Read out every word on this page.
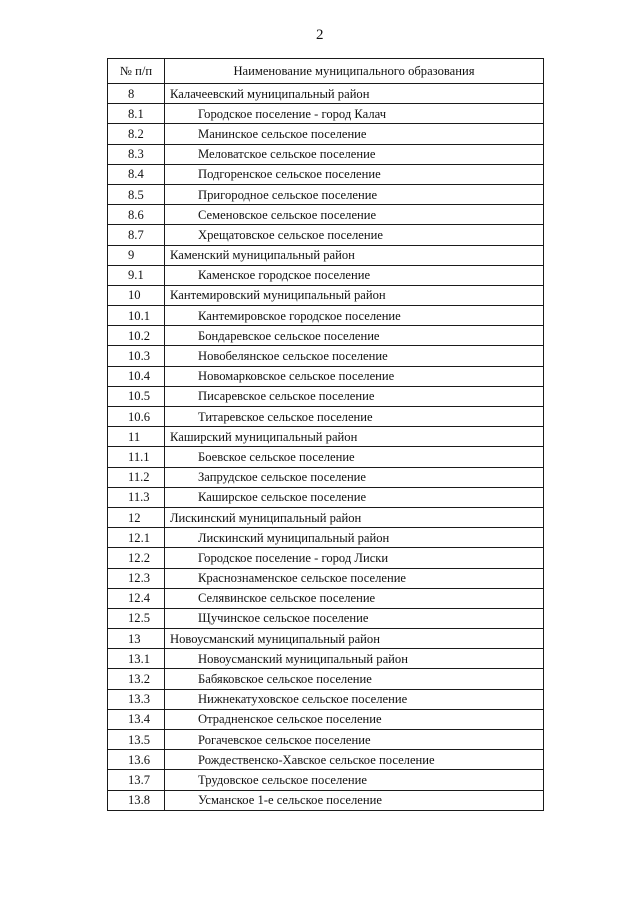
2
№ п/п	Наименование муниципального образования
8	Калачеевский муниципальный район
8.1	Городское поселение - город Калач
8.2	Манинское сельское поселение
8.3	Меловатское сельское поселение
8.4	Подгоренское сельское поселение
8.5	Пригородное сельское поселение
8.6	Семеновское сельское поселение
8.7	Хрещатовское сельское поселение
9	Каменский муниципальный район
9.1	Каменское городское поселение
10	Кантемировский муниципальный район
10.1	Кантемировское городское поселение
10.2	Бондаревское сельское поселение
10.3	Новобелянское сельское поселение
10.4	Новомарковское сельское поселение
10.5	Писаревское сельское поселение
10.6	Титаревское сельское поселение
11	Каширский муниципальный район
11.1	Боевское сельское поселение
11.2	Запрудское сельское поселение
11.3	Каширское сельское поселение
12	Лискинский муниципальный район
12.1	Лискинский муниципальный район
12.2	Городское поселение - город Лиски
12.3	Краснознаменское сельское поселение
12.4	Селявинское сельское поселение
12.5	Щучинское сельское поселение
13	Новоусманский муниципальный район
13.1	Новоусманский муниципальный район
13.2	Бабяковское сельское поселение
13.3	Нижнекатуховское сельское поселение
13.4	Отрадненское сельское поселение
13.5	Рогачевское сельское поселение
13.6	Рождественско-Хавское сельское поселение
13.7	Трудовское сельское поселение
13.8	Усманское 1-е сельское поселение
